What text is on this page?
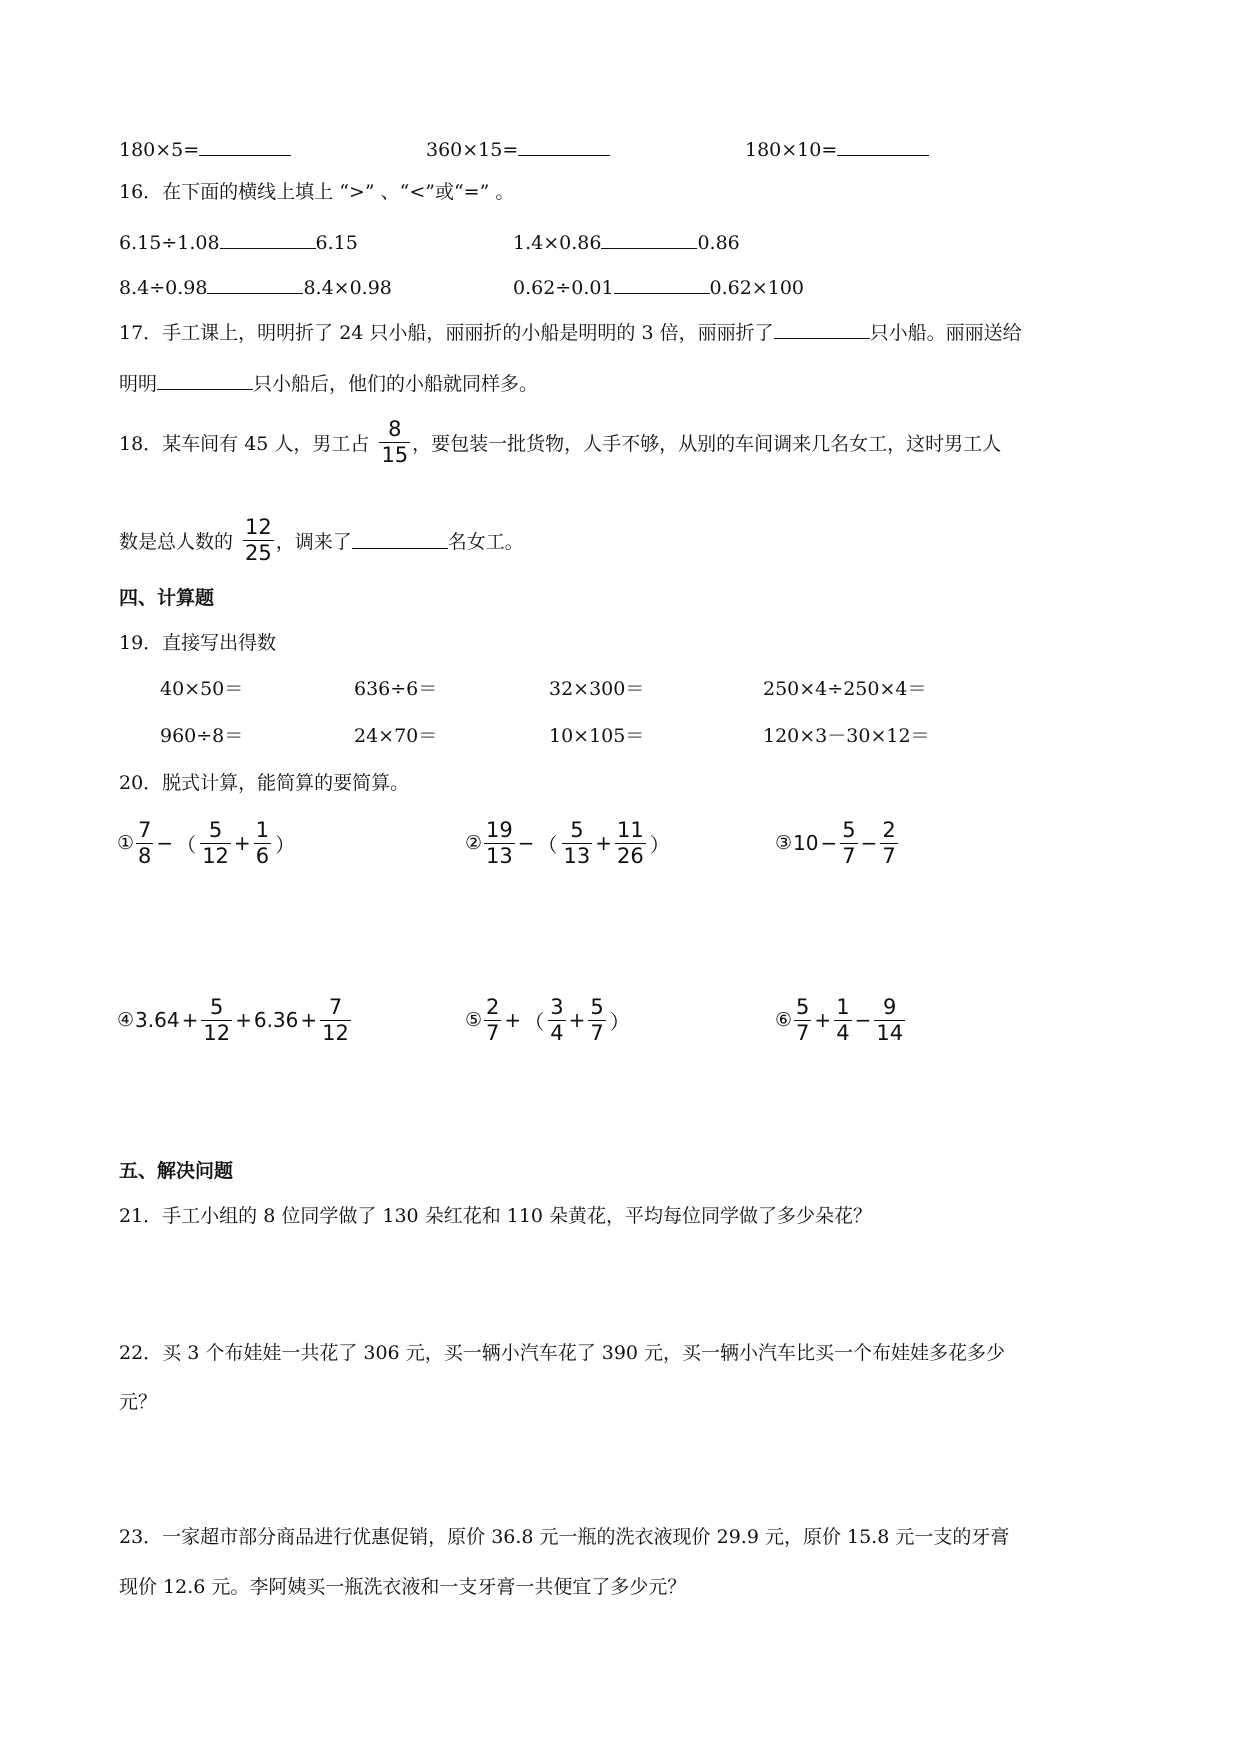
180×5=	360×15=	180×10=
16．在下面的横线上填上 “>” 、“<”或“=” 。
6.15÷1.08	6.15	1.4×0.86	0.86
8.4÷0.98	8.4×0.98	0.62÷0.01	0.62×100
17．手工课上，明明折了 24 只小船，丽丽折的小船是明明的 3 倍，丽丽折了	只小船。丽丽送给
明明	只小船后，他们的小船就同样多。
18．某车间有 45 人，男工占 $\frac{8}{15}$ ，要包装一批货物，人手不够，从别的车间调来几名女工，这时男工人
数是总人数的 $\frac{12}{25}$ ，调来了	名女工。
四、计算题
19．直接写出得数
40×50＝	636÷6＝	32×300＝	250×4÷250×4＝
960÷8＝	24×70＝	10×105＝	120×3－30×12＝
20．脱式计算，能简算的要简算。
① $\frac{7}{8}$ − （ $\frac{5}{12} + \frac{1}{6}$ ）	② $\frac{19}{13}$ − （ $\frac{5}{13} + \frac{11}{26}$ ）	③ $10 - \frac{5}{7} - \frac{2}{7}$
④ $3.64 + \frac{5}{12} + 6.36 + \frac{7}{12}$	⑤ $\frac{2}{7}$ + （ $\frac{3}{4} + \frac{5}{7}$ ）	⑥ $\frac{5}{7} + \frac{1}{4} - \frac{9}{14}$
五、解决问题
21．手工小组的 8 位同学做了 130 朵红花和 110 朵黄花，平均每位同学做了多少朵花？
22．买 3 个布娃娃一共花了 306 元，买一辆小汽车花了 390 元，买一辆小汽车比买一个布娃娃多花多少
元？
23．一家超市部分商品进行优惠促销，原价 36.8 元一瓶的洗衣液现价 29.9 元，原价 15.8 元一支的牙膏
现价 12.6 元。李阿姨买一瓶洗衣液和一支牙膏一共便宜了多少元？
